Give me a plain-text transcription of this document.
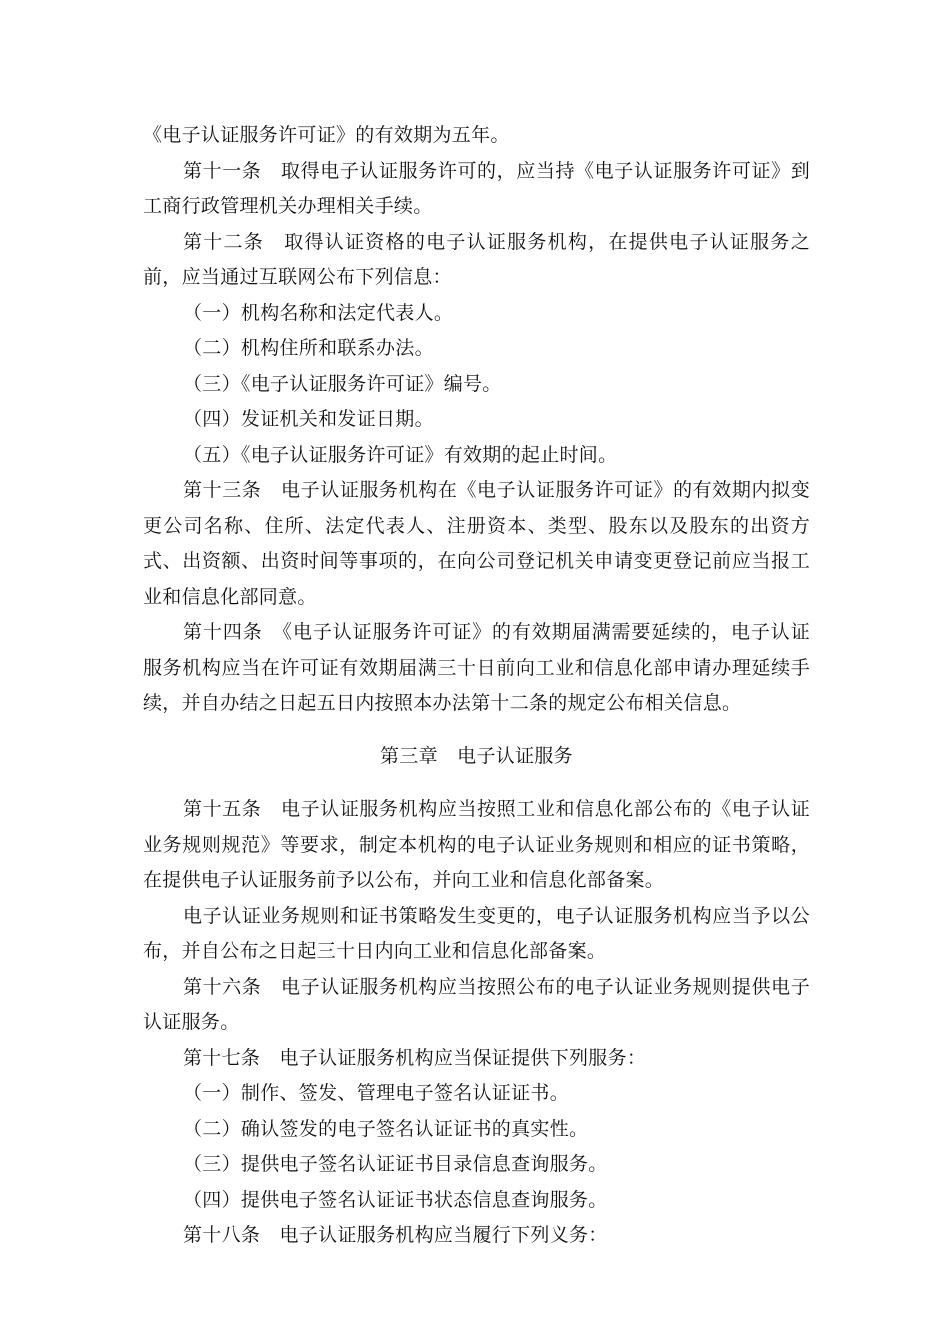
《电子认证服务许可证》的有效期为五年。

第十一条　取得电子认证服务许可的，应当持《电子认证服务许可证》到工商行政管理机关办理相关手续。

第十二条　取得认证资格的电子认证服务机构，在提供电子认证服务之前，应当通过互联网公布下列信息：

（一）机构名称和法定代表人。

（二）机构住所和联系办法。

（三）《电子认证服务许可证》编号。

（四）发证机关和发证日期。

（五）《电子认证服务许可证》有效期的起止时间。

第十三条　电子认证服务机构在《电子认证服务许可证》的有效期内拟变更公司名称、住所、法定代表人、注册资本、类型、股东以及股东的出资方式、出资额、出资时间等事项的，在向公司登记机关申请变更登记前应当报工业和信息化部同意。

第十四条　《电子认证服务许可证》的有效期届满需要延续的，电子认证服务机构应当在许可证有效期届满三十日前向工业和信息化部申请办理延续手续，并自办结之日起五日内按照本办法第十二条的规定公布相关信息。

第三章　电子认证服务

第十五条　电子认证服务机构应当按照工业和信息化部公布的《电子认证业务规则规范》等要求，制定本机构的电子认证业务规则和相应的证书策略，在提供电子认证服务前予以公布，并向工业和信息化部备案。

电子认证业务规则和证书策略发生变更的，电子认证服务机构应当予以公布，并自公布之日起三十日内向工业和信息化部备案。

第十六条　电子认证服务机构应当按照公布的电子认证业务规则提供电子认证服务。

第十七条　电子认证服务机构应当保证提供下列服务：

（一）制作、签发、管理电子签名认证证书。

（二）确认签发的电子签名认证证书的真实性。

（三）提供电子签名认证证书目录信息查询服务。

（四）提供电子签名认证证书状态信息查询服务。

第十八条　电子认证服务机构应当履行下列义务：
